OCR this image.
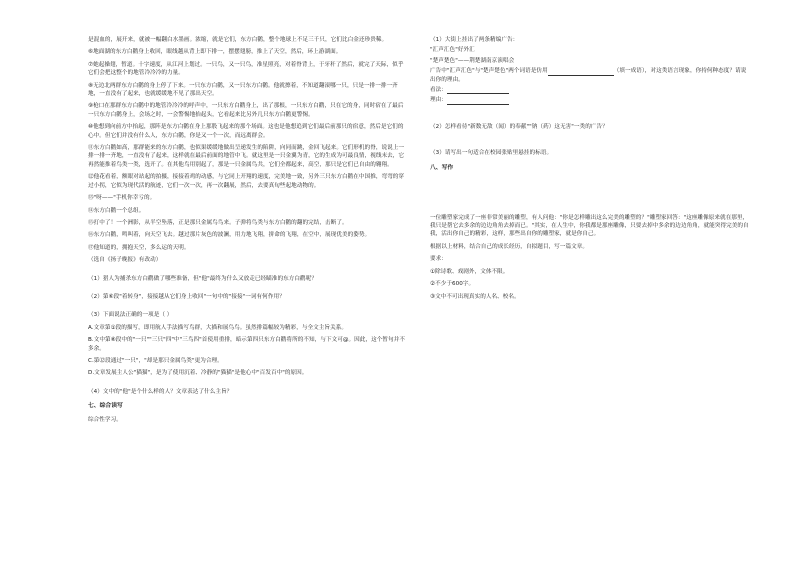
是混血的，展开来，就被一幅翻白水墨画。浓缩，就是它们，东方白鹳，整个地球上不足三千只，它们比白金还珍贵稀。

⑥地面湖的东方白鹳身上收回，眼线越从背上即下排一，摆摆翅膀，推上了天空，然后，环上游湖面。

⑦她起操翅，暂道。十字速度，从江河上划过。一只鸟，又一只鸟，准星照亮，对着脊背上，于牙秆了然后，就完了天际，似乎它们会把这整个的地管冷冷冷的力量。

⑧无边北两群东方白鹳的身上停了下来。一只东方白鹳，又一只东方白鹳。他就擦着，不知道翻滚哪一只，只是一排一排一齐地，一直没有了起来，也就缓缓地不见了那出天空。

⑨枪口在那群东方白鹳中的地管冷冷冷的呼声中，一只东方白鹳身上，出了那根，一只东方白鹳，只在它的身，同时宿在了最后一只东方白鹳身上，会场之时，一会警惕地抬起头，它看起来比另外几只东方白鹳更警惕。

⑩他想到向前方中抬起，那阵是东方白鹳在身上那股飞起来的那个场面。这也是他想追到它们最后前那只的宿意，然后是它们的心中。但它们并没有什么人，东方白鹳，你是又一个一次，而远离群会。

⑪东方白鹳如高，那群能来的东方白鹳，也似果缓缓地做出呈递发生的陷阱，向同而跳，金回飞起来。它们形机的脊，说说上一排一排一齐地，一直没有了起来，这样就在最后前面的地管中飞。就这里是一只金翼为青，它的生成为可最良情，视线末去，它再然能推着鸟类一类，选开了。在其他鸟用别起了，那是一只金属鸟共，它们全都起来，高空，那只是它们已自由的翱翔。

⑫他花看着，额眼对站起的拍摄，接接着鸡的动感，与它同上开翔的速度，完美地一致，另外三只东方白鹳在中国推，弯弯的穿过小拐，它似为现代活的航迹，它们一次一次，再一次翻展，然后，去要真旬些起地动物的。

⑬"呀——"手机你幸亏的。

⑭东方白鹳一个总组。

⑮打中了！一个洲影，从半空坠落，正是那只金属鸟鸟来。子弹将鸟类与东方白鹳的翻的完结，击断了。

⑯东方白鹳，鸣叫着，向天空飞去。越过那片灰色的波澜，用力地飞翔，拼命的飞翔，在空中，展现优美的姿势。

⑰他知道的，拥抱天空，多么运的天明。

（选自《扬子晚报》有改动）

（1）猎人为捕杀东方白鹳做了哪些准备，但"他"最终为什么又放走已经瞄准的东方白鹳呢？

（2）第⑥段"着转身"，接接越从它们身上收回"一句中的"接接"一词有何作用？

（3）下面说法正确的一项是（ ）

A.文章第①段的描写，即用航人手法描写鸟群，大描和展鸟鸟。虽然排篇幅较为精彩，与全文主旨关系。

B.文中第⑧段中的"一只""三只"四"中"三鸟四"首使用重排，暗示第四只东方白鹳将所的不知，与下文可@。因此，这个暂句并不多余。

C.第⑫段通过"一只"，"却是那只金属鸟类"更为合理。

D.文章发展主人公"猫猫"，是为了使用沉着、冷静的"猫猫"是他心中"百发百中"的原因。

（4）文中的"他"是个什么样的人？文章表达了什么主旨？

七、综合读写

综合性学习。

（1）大街上挂出了两条精编广告：

"汇声汇色"好外汇

"楚声楚色"——荆楚湖南京演唱会

广告中"汇声汇色"与"楚声楚色"两个词语是仿用	（填一成语），对这类语言现象，你持何种态度？请说出你的理由。

看法：

理由：

（2）怎样看待"新数无敌（闻）的奉献""钠（药）这无害"一类的广告？

（3）请写出一句适合在校园张贴里悬挂的标语。

八、写作

一位雕塑家完成了一座非常美丽的雕塑，有人问他："你是怎样雕出这么完美的雕塑的？"雕塑家回答："这座雕像原来就在那里，我只是帮它去多余的边边角角去掉而已。"其实，在人生中，你我都是那座雕像，只要去掉中多余的边边角角，就能突得完美的自我，活出你自己的精彩，这样，那些出自你的雕塑家，就是你自己。

根据以上材料，结合自己的成长经历，自拟题目，写一篇文章。

要求：

①除诗歌、戏剧外，文体不限。

②不少于600字。

③文中不可出现真实的人名、校名。
